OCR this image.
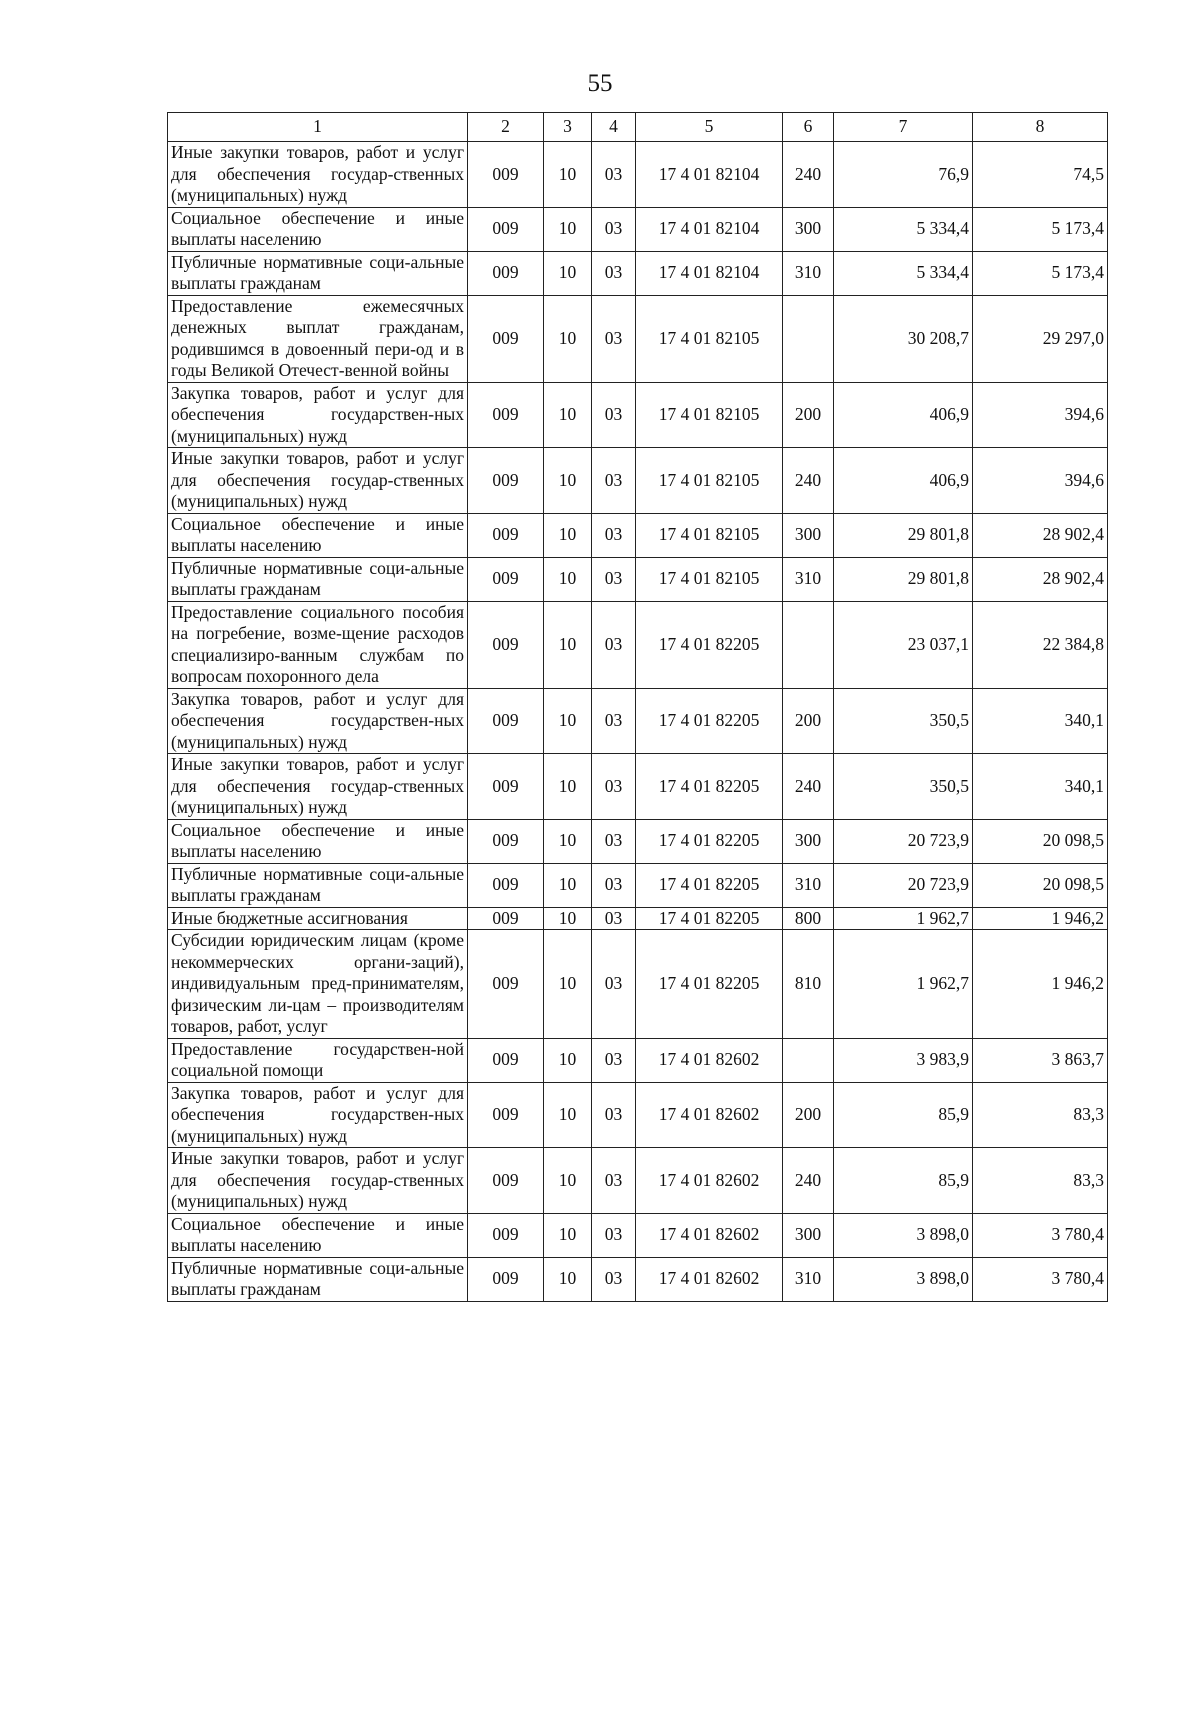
55
1	2	3	4	5	6	7	8
Иные закупки товаров, работ и услуг для обеспечения государ-ственных (муниципальных) нужд	009	10	03	17 4 01 82104	240	76,9	74,5
Социальное обеспечение и иные выплаты населению	009	10	03	17 4 01 82104	300	5 334,4	5 173,4
Публичные нормативные соци-альные выплаты гражданам	009	10	03	17 4 01 82104	310	5 334,4	5 173,4
Предоставление ежемесячных денежных выплат гражданам, родившимся в довоенный пери-од и в годы Великой Отечест-венной войны	009	10	03	17 4 01 82105		30 208,7	29 297,0
Закупка товаров, работ и услуг для обеспечения государствен-ных (муниципальных) нужд	009	10	03	17 4 01 82105	200	406,9	394,6
Иные закупки товаров, работ и услуг для обеспечения государ-ственных (муниципальных) нужд	009	10	03	17 4 01 82105	240	406,9	394,6
Социальное обеспечение и иные выплаты населению	009	10	03	17 4 01 82105	300	29 801,8	28 902,4
Публичные нормативные соци-альные выплаты гражданам	009	10	03	17 4 01 82105	310	29 801,8	28 902,4
Предоставление социального пособия на погребение, возме-щение расходов специализиро-ванным службам по вопросам похоронного дела	009	10	03	17 4 01 82205		23 037,1	22 384,8
Закупка товаров, работ и услуг для обеспечения государствен-ных (муниципальных) нужд	009	10	03	17 4 01 82205	200	350,5	340,1
Иные закупки товаров, работ и услуг для обеспечения государ-ственных (муниципальных) нужд	009	10	03	17 4 01 82205	240	350,5	340,1
Социальное обеспечение и иные выплаты населению	009	10	03	17 4 01 82205	300	20 723,9	20 098,5
Публичные нормативные соци-альные выплаты гражданам	009	10	03	17 4 01 82205	310	20 723,9	20 098,5
Иные бюджетные ассигнования	009	10	03	17 4 01 82205	800	1 962,7	1 946,2
Субсидии юридическим лицам (кроме некоммерческих органи-заций), индивидуальным пред-принимателям, физическим ли-цам – производителям товаров, работ, услуг	009	10	03	17 4 01 82205	810	1 962,7	1 946,2
Предоставление государствен-ной социальной помощи	009	10	03	17 4 01 82602		3 983,9	3 863,7
Закупка товаров, работ и услуг для обеспечения государствен-ных (муниципальных) нужд	009	10	03	17 4 01 82602	200	85,9	83,3
Иные закупки товаров, работ и услуг для обеспечения государ-ственных (муниципальных) нужд	009	10	03	17 4 01 82602	240	85,9	83,3
Социальное обеспечение и иные выплаты населению	009	10	03	17 4 01 82602	300	3 898,0	3 780,4
Публичные нормативные соци-альные выплаты гражданам	009	10	03	17 4 01 82602	310	3 898,0	3 780,4
